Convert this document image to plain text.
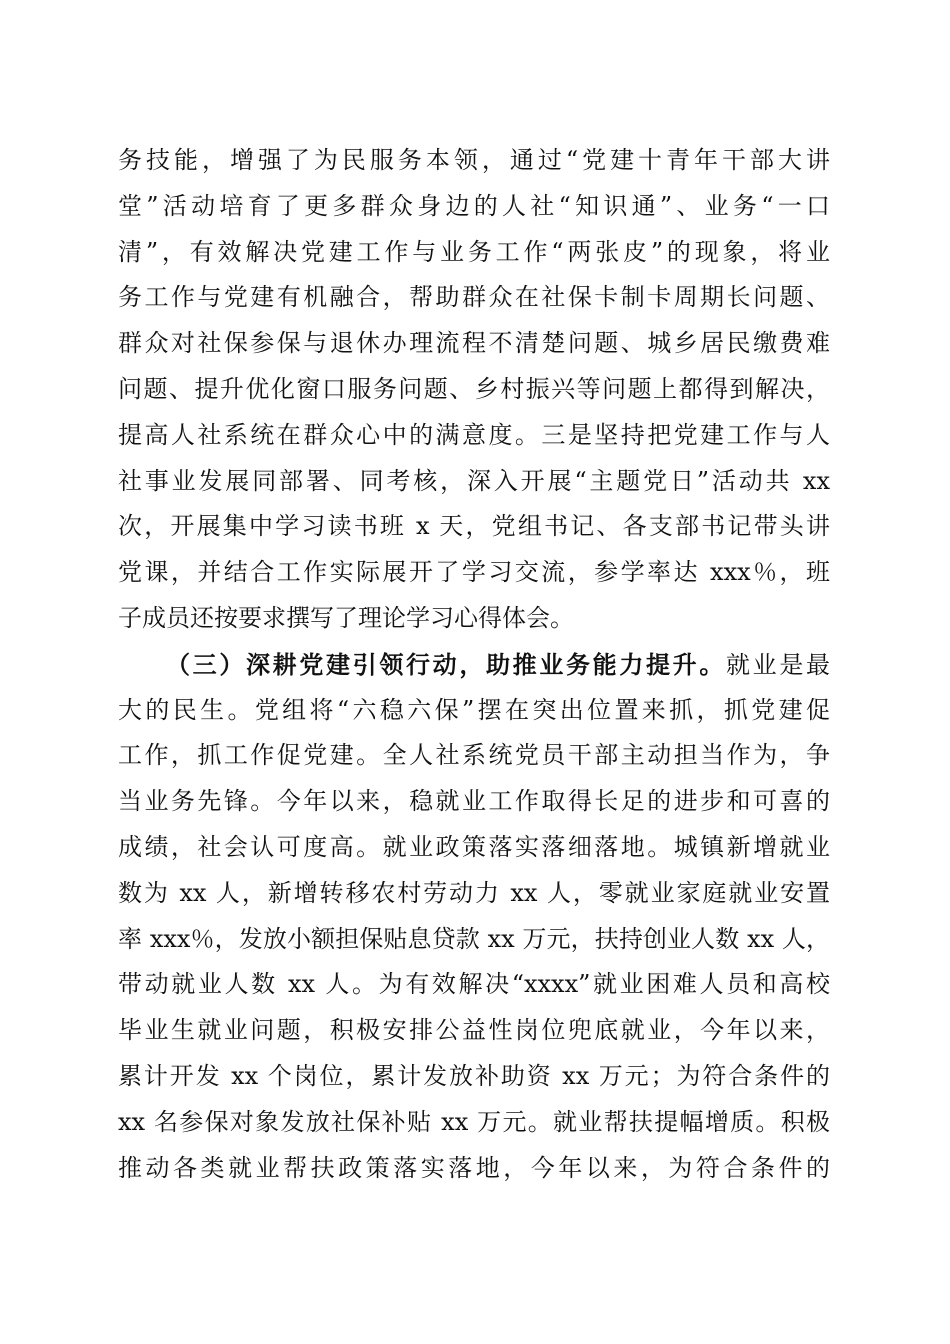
务技能，增强了为民服务本领，通过“党建十青年干部大讲
堂”活动培育了更多群众身边的人社“知识通”、业务“一口
清”，有效解决党建工作与业务工作“两张皮”的现象，将业
务工作与党建有机融合，帮助群众在社保卡制卡周期长问题、
群众对社保参保与退休办理流程不清楚问题、城乡居民缴费难
问题、提升优化窗口服务问题、乡村振兴等问题上都得到解决，
提高人社系统在群众心中的满意度。三是坚持把党建工作与人
社事业发展同部署、同考核，深入开展“主题党日”活动共 xx
次，开展集中学习读书班 x 天，党组书记、各支部书记带头讲
党课，并结合工作实际展开了学习交流，参学率达 xxx％，班
子成员还按要求撰写了理论学习心得体会。
（三）深耕党建引领行动，助推业务能力提升。就业是最
大的民生。党组将“六稳六保”摆在突出位置来抓，抓党建促
工作，抓工作促党建。全人社系统党员干部主动担当作为，争
当业务先锋。今年以来，稳就业工作取得长足的进步和可喜的
成绩，社会认可度高。就业政策落实落细落地。城镇新增就业
数为 xx 人，新增转移农村劳动力 xx 人，零就业家庭就业安置
率 xxx％，发放小额担保贴息贷款 xx 万元，扶持创业人数 xx 人，
带动就业人数 xx 人。为有效解决“xxxx”就业困难人员和高校
毕业生就业问题，积极安排公益性岗位兜底就业，今年以来，
累计开发 xx 个岗位，累计发放补助资 xx 万元；为符合条件的
xx 名参保对象发放社保补贴 xx 万元。就业帮扶提幅增质。积极
推动各类就业帮扶政策落实落地，今年以来，为符合条件的
